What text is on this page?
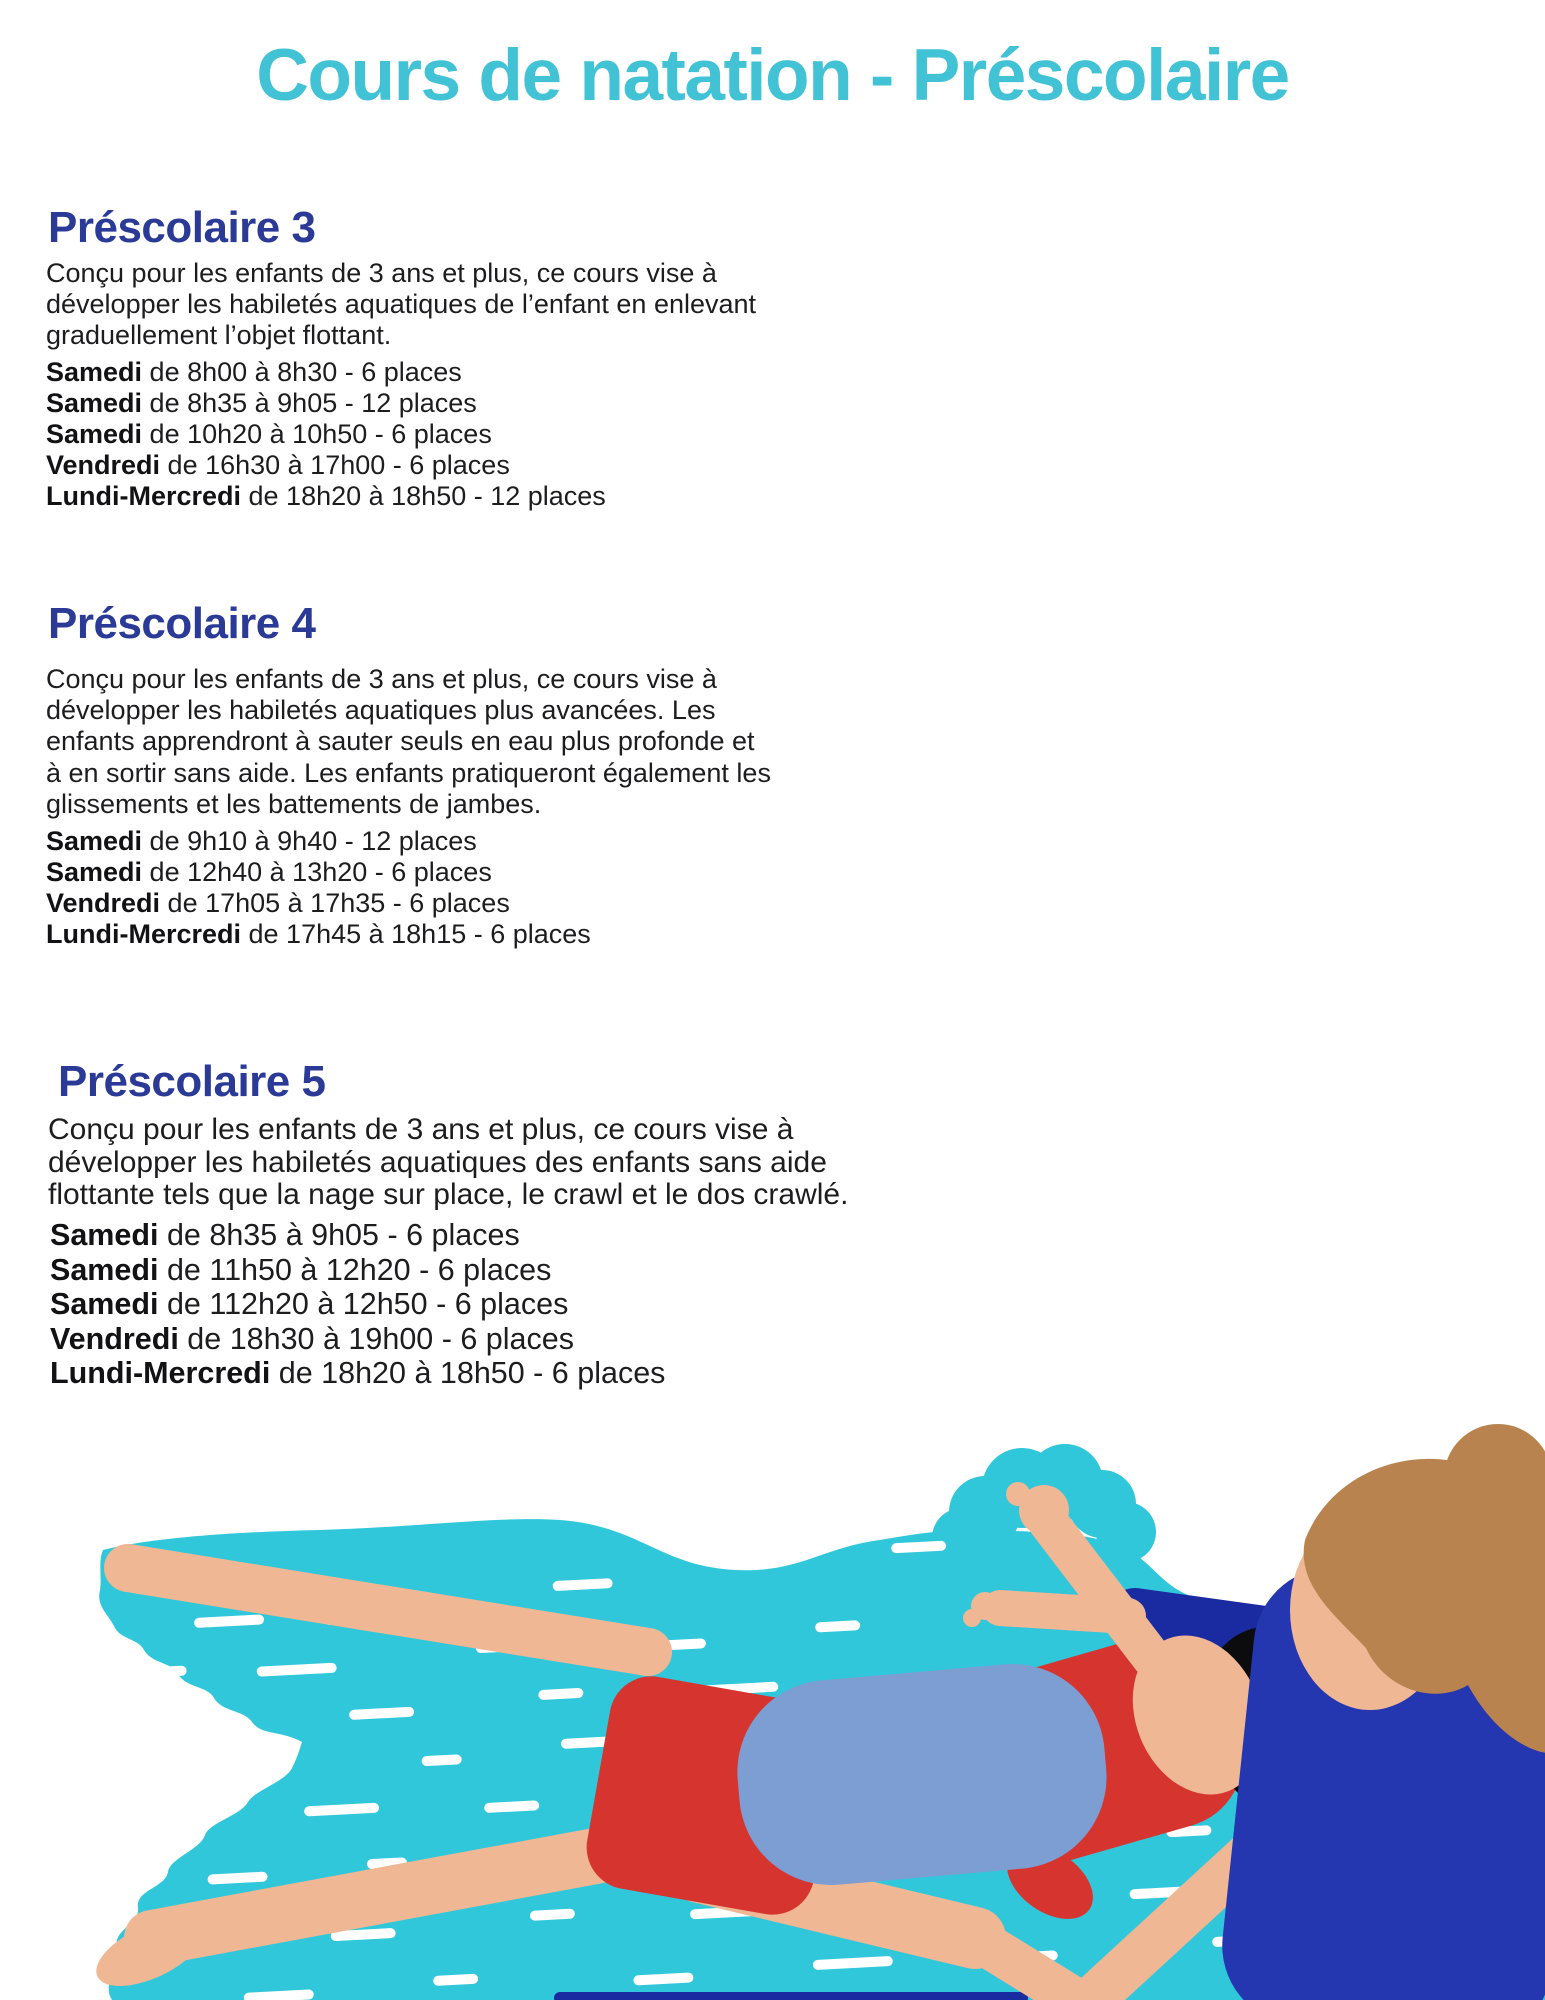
Cours de natation - Préscolaire
Préscolaire 3
Conçu pour les enfants de 3 ans et plus, ce cours vise à
développer les habiletés aquatiques de l’enfant en enlevant
graduellement l’objet flottant.
Samedi de 8h00 à 8h30 - 6 places
Samedi de 8h35 à 9h05 - 12 places
Samedi de 10h20 à 10h50 - 6 places
Vendredi de 16h30 à 17h00 - 6 places
Lundi-Mercredi de 18h20 à 18h50 - 12 places
Préscolaire 4
Conçu pour les enfants de 3 ans et plus, ce cours vise à
développer les habiletés aquatiques plus avancées. Les
enfants apprendront à sauter seuls en eau plus profonde et
à en sortir sans aide. Les enfants pratiqueront également les
glissements et les battements de jambes.
Samedi de 9h10 à 9h40 - 12 places
Samedi de 12h40 à 13h20 - 6 places
Vendredi de 17h05 à 17h35 - 6 places
Lundi-Mercredi de 17h45 à 18h15 - 6 places
Préscolaire 5
Conçu pour les enfants de 3 ans et plus, ce cours vise à
développer les habiletés aquatiques des enfants sans aide
flottante tels que la nage sur place, le crawl et le dos crawlé.
Samedi de 8h35 à 9h05 - 6 places
Samedi de 11h50 à 12h20 - 6 places
Samedi de 112h20 à 12h50 - 6 places
Vendredi de 18h30 à 19h00 - 6 places
Lundi-Mercredi de 18h20 à 18h50 - 6 places
